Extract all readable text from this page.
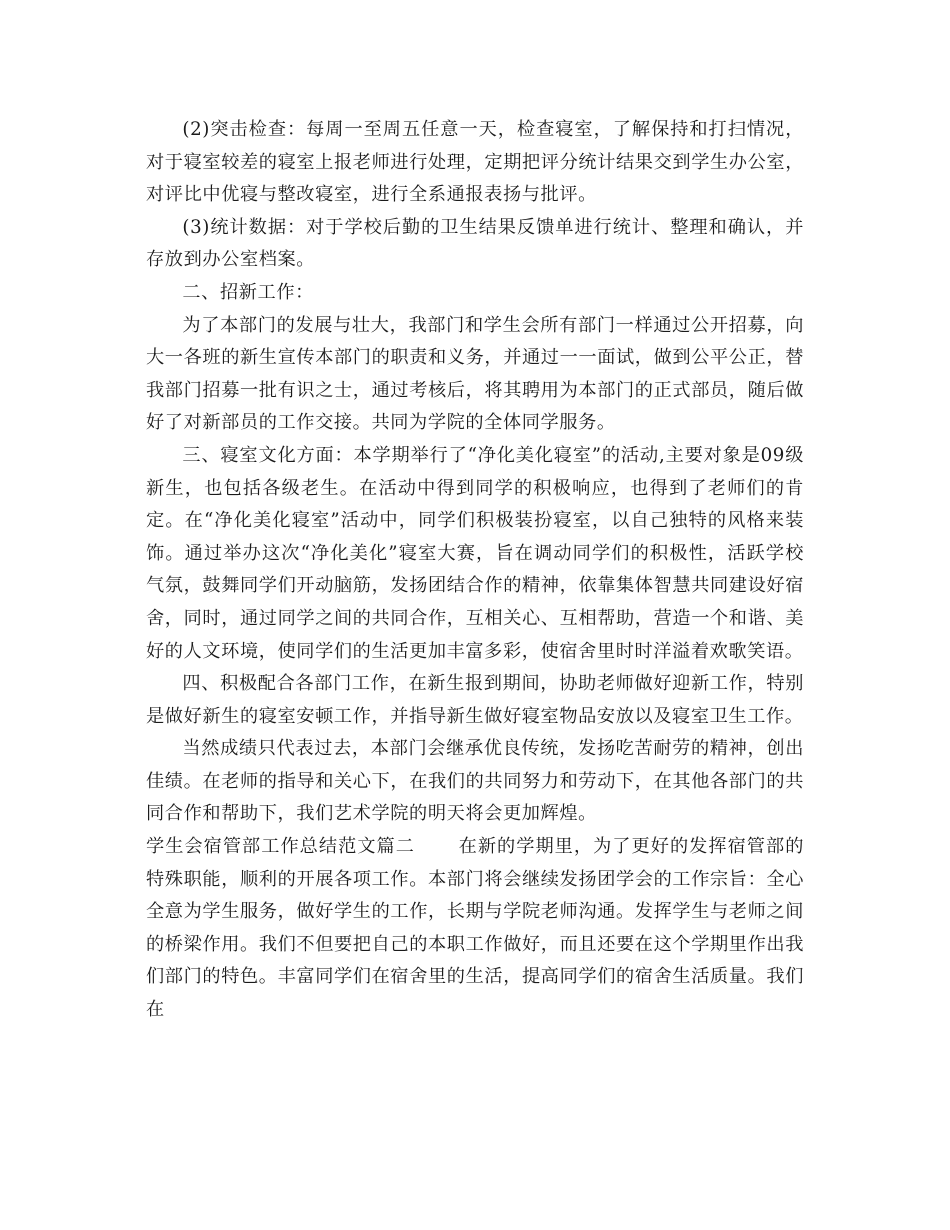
(2)突击检查：每周一至周五任意一天，检查寝室，了解保持和打扫情况，对于寝室较差的寝室上报老师进行处理，定期把评分统计结果交到学生办公室，对评比中优寝与整改寝室，进行全系通报表扬与批评。

(3)统计数据：对于学校后勤的卫生结果反馈单进行统计、整理和确认，并存放到办公室档案。

二、招新工作：

为了本部门的发展与壮大，我部门和学生会所有部门一样通过公开招募，向大一各班的新生宣传本部门的职责和义务，并通过一一面试，做到公平公正，替我部门招募一批有识之士，通过考核后，将其聘用为本部门的正式部员，随后做好了对新部员的工作交接。共同为学院的全体同学服务。

三、寝室文化方面：本学期举行了“净化美化寝室”的活动,主要对象是09级新生，也包括各级老生。在活动中得到同学的积极响应，也得到了老师们的肯定。在“净化美化寝室”活动中，同学们积极装扮寝室，以自己独特的风格来装饰。通过举办这次“净化美化”寝室大赛，旨在调动同学们的积极性，活跃学校气氛，鼓舞同学们开动脑筋，发扬团结合作的精神，依靠集体智慧共同建设好宿舍，同时，通过同学之间的共同合作，互相关心、互相帮助，营造一个和谐、美好的人文环境，使同学们的生活更加丰富多彩，使宿舍里时时洋溢着欢歌笑语。

四、积极配合各部门工作，在新生报到期间，协助老师做好迎新工作，特别是做好新生的寝室安顿工作，并指导新生做好寝室物品安放以及寝室卫生工作。

当然成绩只代表过去，本部门会继承优良传统，发扬吃苦耐劳的精神，创出佳绩。在老师的指导和关心下，在我们的共同努力和劳动下，在其他各部门的共同合作和帮助下，我们艺术学院的明天将会更加辉煌。

学生会宿管部工作总结范文篇二 在新的学期里，为了更好的发挥宿管部的特殊职能，顺利的开展各项工作。本部门将会继续发扬团学会的工作宗旨：全心全意为学生服务，做好学生的工作，长期与学院老师沟通。发挥学生与老师之间的桥梁作用。我们不但要把自己的本职工作做好，而且还要在这个学期里作出我们部门的特色。丰富同学们在宿舍里的生活，提高同学们的宿舍生活质量。我们在
